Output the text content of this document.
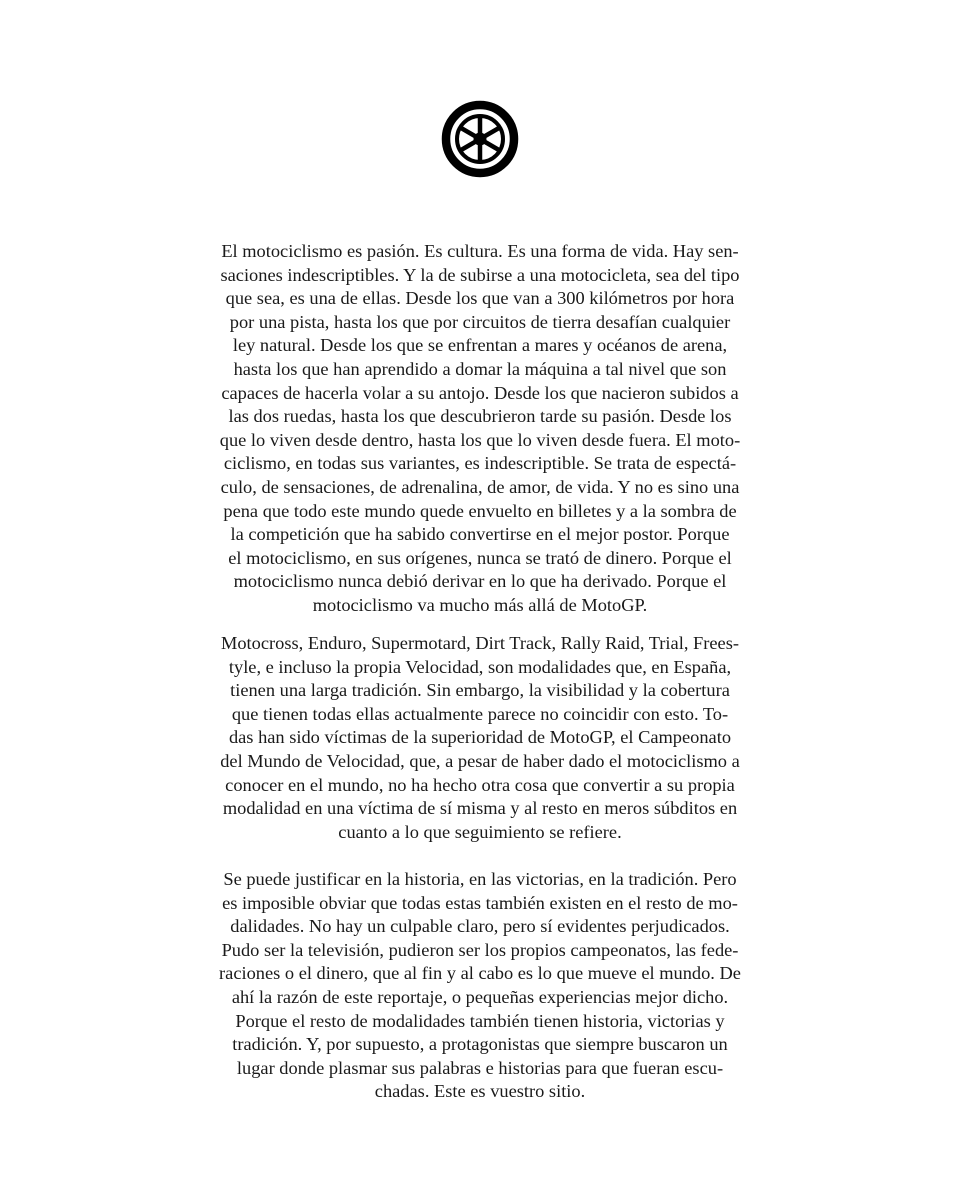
El motociclismo es pasión. Es cultura. Es una forma de vida. Hay sen-
saciones indescriptibles. Y la de subirse a una motocicleta, sea del tipo
que sea, es una de ellas. Desde los que van a 300 kilómetros por hora
por una pista, hasta los que por circuitos de tierra desafían cualquier
ley natural. Desde los que se enfrentan a mares y océanos de arena,
hasta los que han aprendido a domar la máquina a tal nivel que son
capaces de hacerla volar a su antojo. Desde los que nacieron subidos a
las dos ruedas, hasta los que descubrieron tarde su pasión. Desde los
que lo viven desde dentro, hasta los que lo viven desde fuera. El moto-
ciclismo, en todas sus variantes, es indescriptible. Se trata de espectá-
culo, de sensaciones, de adrenalina, de amor, de vida. Y no es sino una
pena que todo este mundo quede envuelto en billetes y a la sombra de
la competición que ha sabido convertirse en el mejor postor. Porque
el motociclismo, en sus orígenes, nunca se trató de dinero. Porque el
motociclismo nunca debió derivar en lo que ha derivado. Porque el
motociclismo va mucho más allá de MotoGP.
Motocross, Enduro, Supermotard, Dirt Track, Rally Raid, Trial, Frees-
tyle, e incluso la propia Velocidad, son modalidades que, en España,
tienen una larga tradición. Sin embargo, la visibilidad y la cobertura
que tienen todas ellas actualmente parece no coincidir con esto. To-
das han sido víctimas de la superioridad de MotoGP, el Campeonato
del Mundo de Velocidad, que, a pesar de haber dado el motociclismo a
conocer en el mundo, no ha hecho otra cosa que convertir a su propia
modalidad en una víctima de sí misma y al resto en meros súbditos en
cuanto a lo que seguimiento se refiere.
Se puede justificar en la historia, en las victorias, en la tradición. Pero
es imposible obviar que todas estas también existen en el resto de mo-
dalidades. No hay un culpable claro, pero sí evidentes perjudicados.
Pudo ser la televisión, pudieron ser los propios campeonatos, las fede-
raciones o el dinero, que al fin y al cabo es lo que mueve el mundo. De
ahí la razón de este reportaje, o pequeñas experiencias mejor dicho.
Porque el resto de modalidades también tienen historia, victorias y
tradición. Y, por supuesto, a protagonistas que siempre buscaron un
lugar donde plasmar sus palabras e historias para que fueran escu-
chadas. Este es vuestro sitio.
